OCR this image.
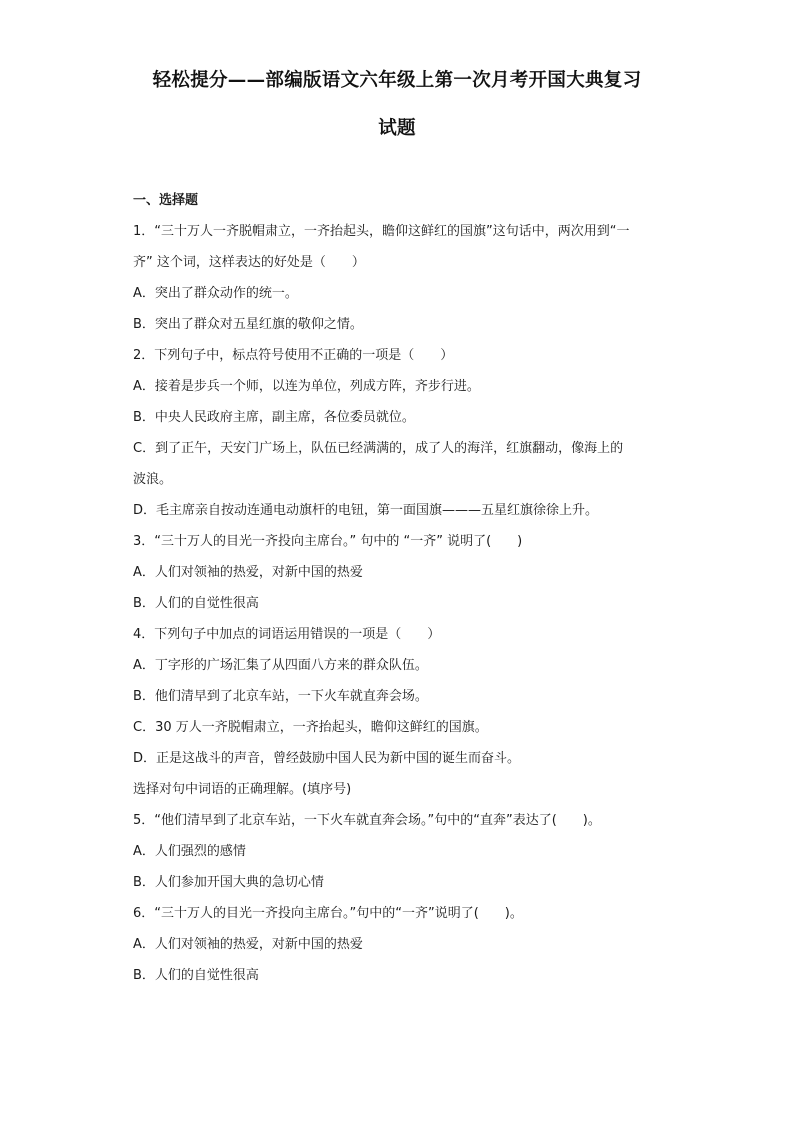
轻松提分——部编版语文六年级上第一次月考开国大典复习
试题
一、选择题
1．“三十万人一齐脱帽肃立，一齐抬起头，瞻仰这鲜红的国旗”这句话中，两次用到“一
齐” 这个词，这样表达的好处是（　　）
A．突出了群众动作的统一。
B．突出了群众对五星红旗的敬仰之情。
2．下列句子中，标点符号使用不正确的一项是（　　）
A．接着是步兵一个师，以连为单位，列成方阵，齐步行进。
B．中央人民政府主席，副主席，各位委员就位。
C．到了正午，天安门广场上，队伍已经满满的，成了人的海洋，红旗翻动，像海上的
波浪。
D．毛主席亲自按动连通电动旗杆的电钮，第一面国旗———五星红旗徐徐上升。
3．“三十万人的目光一齐投向主席台。” 句中的 “一齐” 说明了(　　)
A．人们对领袖的热爱，对新中国的热爱
B．人们的自觉性很高
4．下列句子中加点的词语运用错误的一项是（　　）
A．丁字形的广场汇集了从四面八方来的群众队伍。
B．他们清早到了北京车站，一下火车就直奔会场。
C．30 万人一齐脱帽肃立，一齐抬起头，瞻仰这鲜红的国旗。
D．正是这战斗的声音，曾经鼓励中国人民为新中国的诞生而奋斗。
选择对句中词语的正确理解。(填序号)
5．“他们清早到了北京车站，一下火车就直奔会场。”句中的“直奔”表达了(　　)。
A．人们强烈的感情
B．人们参加开国大典的急切心情
6．“三十万人的目光一齐投向主席台。”句中的“一齐”说明了(　　)。
A．人们对领袖的热爱，对新中国的热爱
B．人们的自觉性很高
